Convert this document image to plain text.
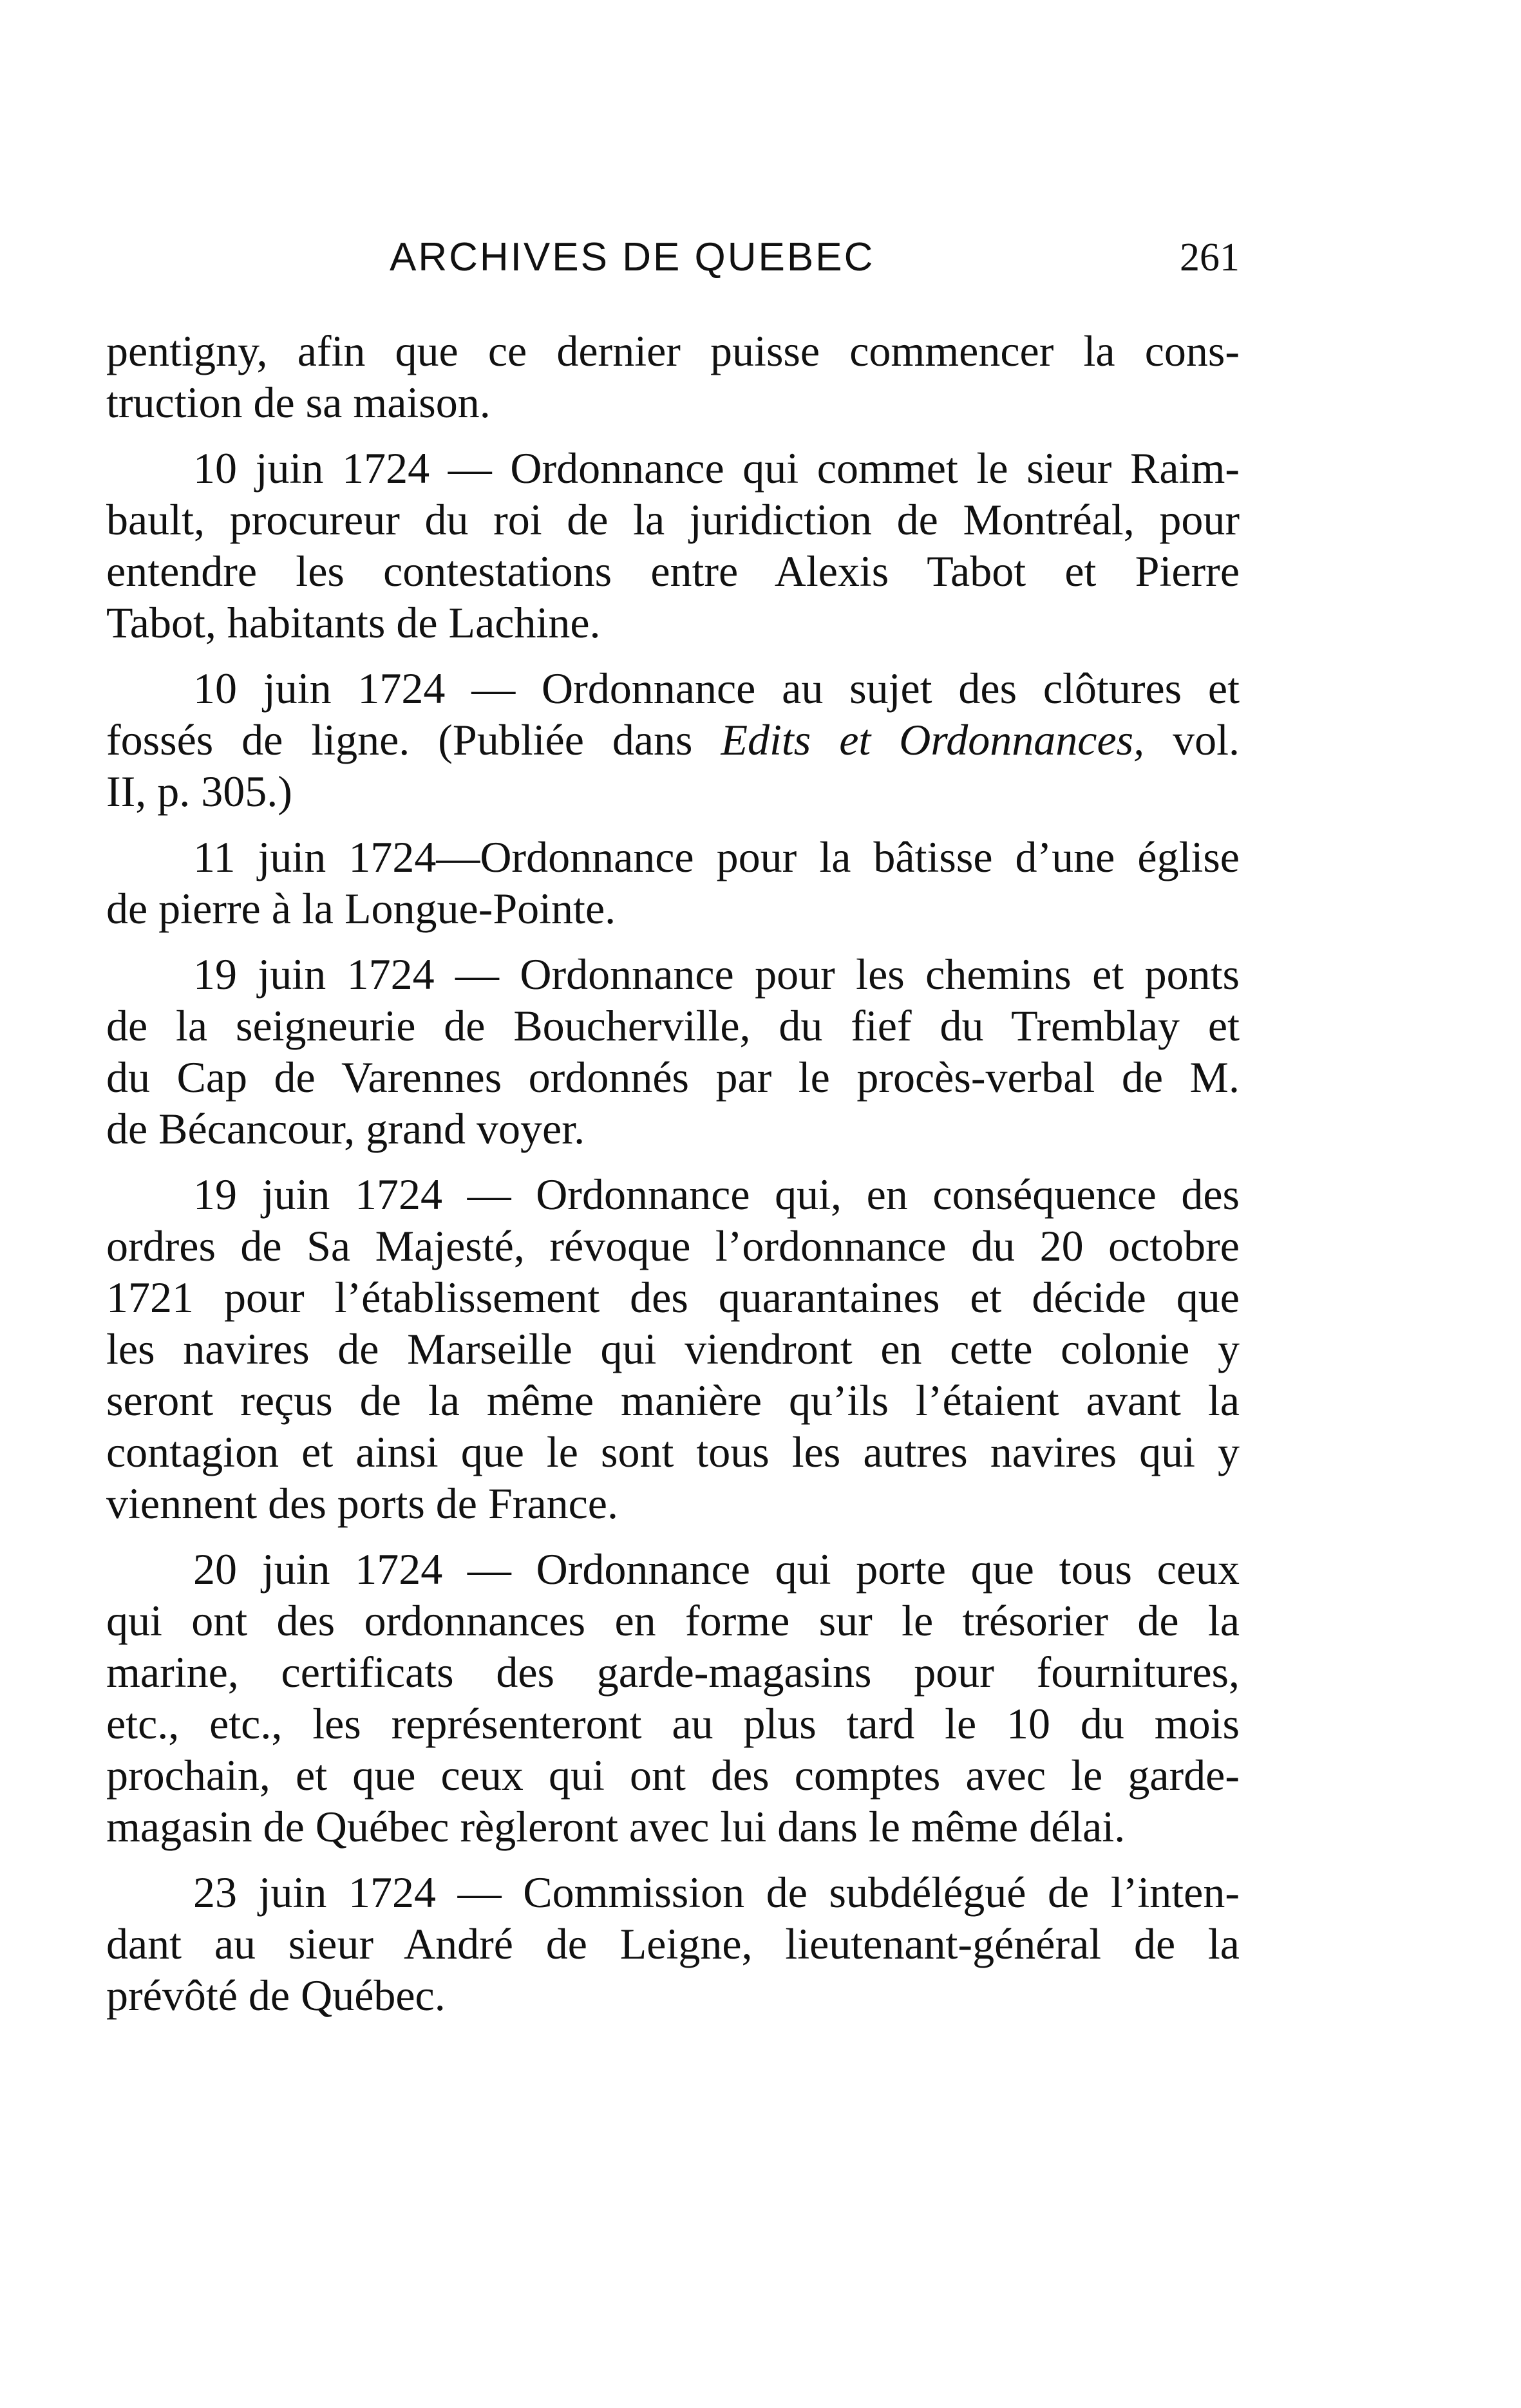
ARCHIVES DE QUEBEC	261

pentigny, afin que ce dernier puisse commencer la cons-
truction de sa maison.

10 juin 1724 — Ordonnance qui commet le sieur Raim-
bault, procureur du roi de la juridiction de Montréal, pour
entendre les contestations entre Alexis Tabot et Pierre
Tabot, habitants de Lachine.

10 juin 1724 — Ordonnance au sujet des clôtures et
fossés de ligne. (Publiée dans Edits et Ordonnances, vol.
II, p. 305.)

11 juin 1724—Ordonnance pour la bâtisse d’une église
de pierre à la Longue-Pointe.

19 juin 1724 — Ordonnance pour les chemins et ponts
de la seigneurie de Boucherville, du fief du Tremblay et
du Cap de Varennes ordonnés par le procès-verbal de M.
de Bécancour, grand voyer.

19 juin 1724 — Ordonnance qui, en conséquence des
ordres de Sa Majesté, révoque l’ordonnance du 20 octobre
1721 pour l’établissement des quarantaines et décide que
les navires de Marseille qui viendront en cette colonie y
seront reçus de la même manière qu’ils l’étaient avant la
contagion et ainsi que le sont tous les autres navires qui y
viennent des ports de France.

20 juin 1724 — Ordonnance qui porte que tous ceux
qui ont des ordonnances en forme sur le trésorier de la
marine, certificats des garde-magasins pour fournitures,
etc., etc., les représenteront au plus tard le 10 du mois
prochain, et que ceux qui ont des comptes avec le garde-
magasin de Québec règleront avec lui dans le même délai.

23 juin 1724 — Commission de subdélégué de l’inten-
dant au sieur André de Leigne, lieutenant-général de la
prévôté de Québec.
